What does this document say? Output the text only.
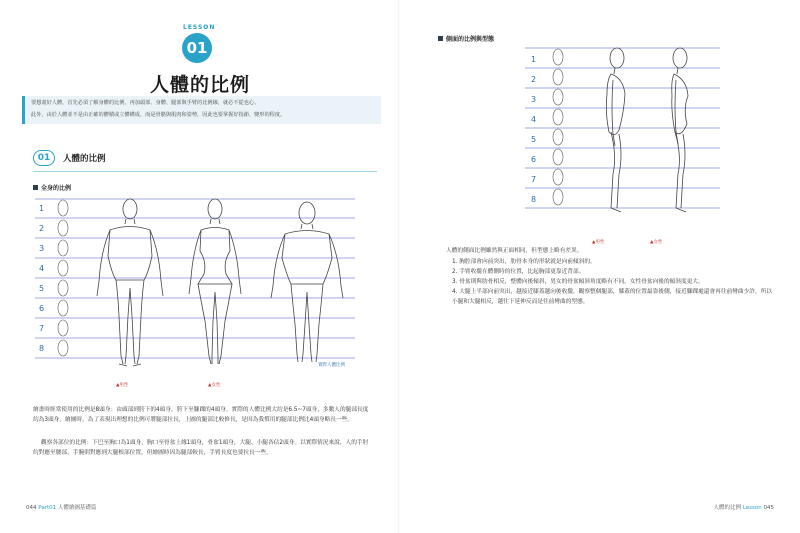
LESSON
01
人體的比例

要想畫好人體，首先必須了解身體的比例，再加頭部、身體、腿部與手臂的比例線，就必不從也心。

此外，由於人體並不是由正確的體積或立體構成，而是骨骼與肌肉和姿勢，因此也要掌握好指節、變形的程度。

01	人體的比例
全身的比例
1
2
3
4
5
6
7
8
▲男性	▲女性
實際人體比例

繪畫時經常使用的比例是8頭身：由頭部到胯下的4頭身，胯下至腳踝的4頭身。實際的人體比例大約是6.5~7頭身，多數人的腿部長度約為3頭身。繪圖時，為了表現出理想的比例可將腿部拉長，上圖的腿部比較修長，是因為我慣用的腿部比例比4頭身略長一些。

觀察各部位的比例：下巴至胸口為1頭身，胸口至骨盆上緣1頭身，骨盆1頭身，大腿、小腿各佔2頭身。以實際情況來說，人的手肘約對應至腰部，手腕則對應到大腿根部位置，但繪圖時因為腿部較長，手臂長度也要拉長一些。

044 Part01 人體繪圖基礎篇
側面的比例與型態
1
2
3
4
5
6
7
8
▲男性	▲女性

人體的側面比例雖然與正面相同，但型態上略有差異。

1. 胸腔部會向前突出，肋骨本身的形狀就是向前傾斜的。
2. 手臂收攏在體側時的位置，比起胸部更靠近背部。
3. 骨盆則與肋骨相反，整體向後傾斜，男女的骨盆傾斜角度略有不同，女性骨盆向後的傾斜度更大。
4. 大腿上半部向前突出，越接近膝蓋越向後收攏。觀察整個腿部，膝蓋的位置最靠後側，接近腳踝處還會再往前彎曲少許，所以小腿和大腿相反，越往下延伸反而是往前彎曲的型態。
人體的比例 Lesson 045
